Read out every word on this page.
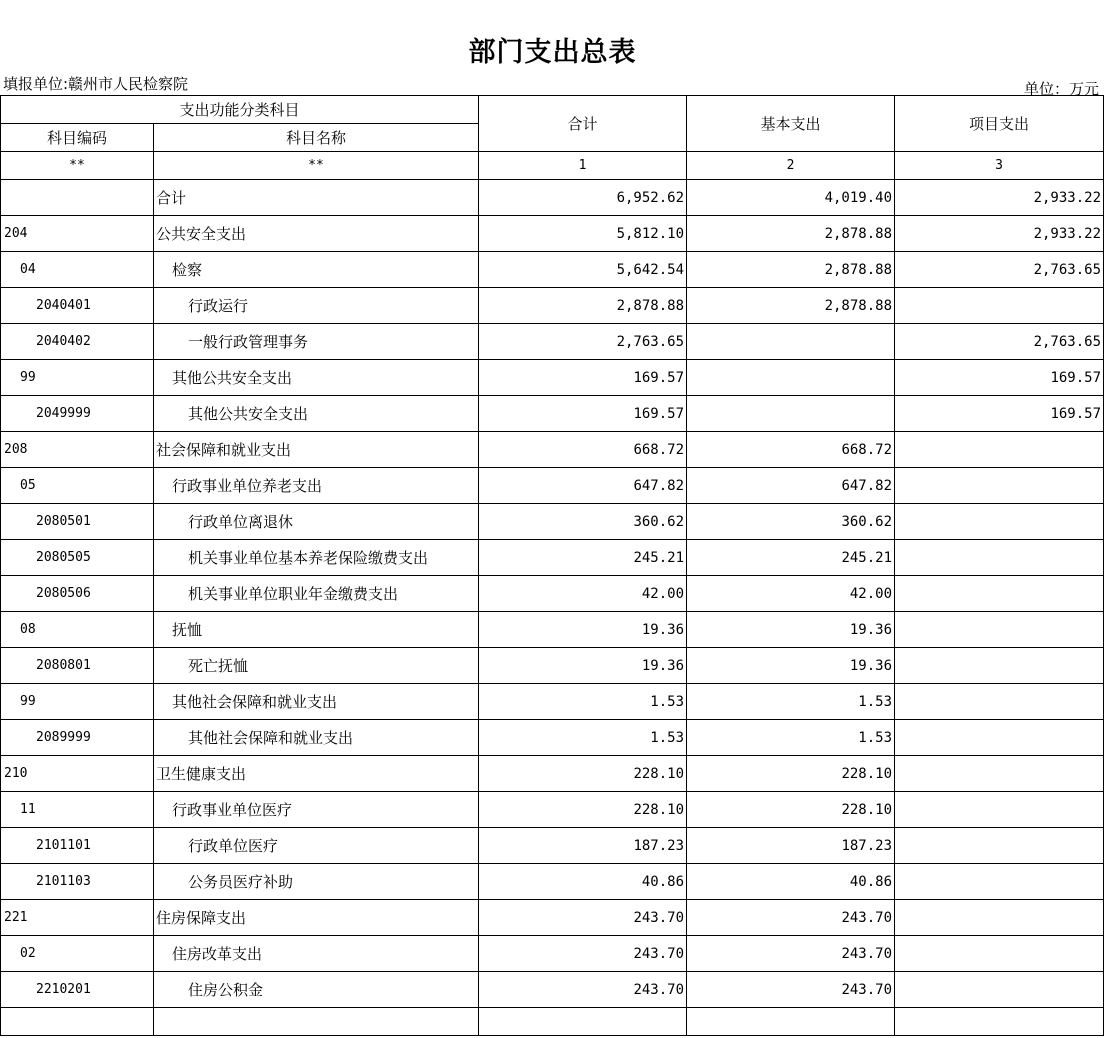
部门支出总表
填报单位:赣州市人民检察院	单位：万元
支出功能分类科目		合计	基本支出	项目支出
科目编码	科目名称			
**	**	1	2	3
	合计	6,952.62	4,019.40	2,933.22
204	公共安全支出	5,812.10	2,878.88	2,933.22
04	检察	5,642.54	2,878.88	2,763.65
2040401	行政运行	2,878.88	2,878.88	
2040402	一般行政管理事务	2,763.65		2,763.65
99	其他公共安全支出	169.57		169.57
2049999	其他公共安全支出	169.57		169.57
208	社会保障和就业支出	668.72	668.72	
05	行政事业单位养老支出	647.82	647.82	
2080501	行政单位离退休	360.62	360.62	
2080505	机关事业单位基本养老保险缴费支出	245.21	245.21	
2080506	机关事业单位职业年金缴费支出	42.00	42.00	
08	抚恤	19.36	19.36	
2080801	死亡抚恤	19.36	19.36	
99	其他社会保障和就业支出	1.53	1.53	
2089999	其他社会保障和就业支出	1.53	1.53	
210	卫生健康支出	228.10	228.10	
11	行政事业单位医疗	228.10	228.10	
2101101	行政单位医疗	187.23	187.23	
2101103	公务员医疗补助	40.86	40.86	
221	住房保障支出	243.70	243.70	
02	住房改革支出	243.70	243.70	
2210201	住房公积金	243.70	243.70	
